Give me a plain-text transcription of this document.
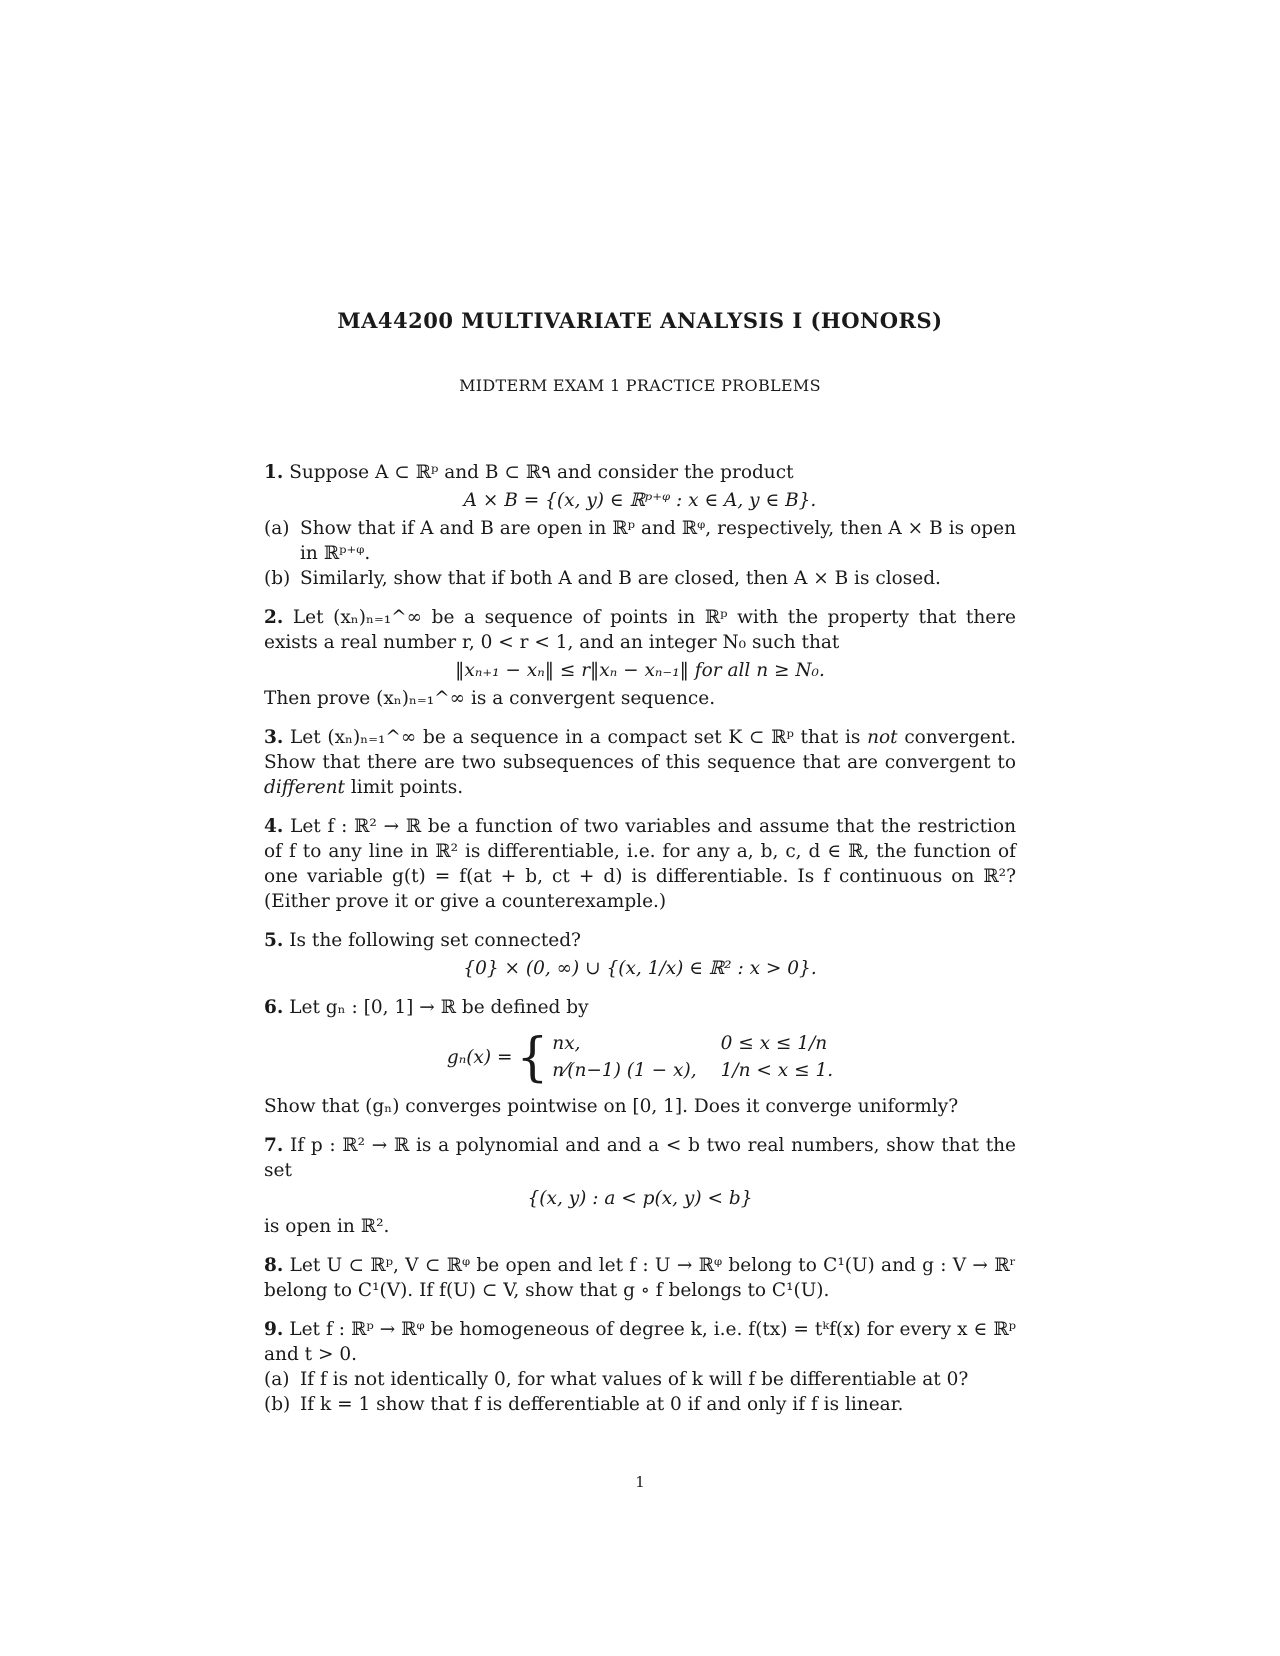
MA44200 MULTIVARIATE ANALYSIS I (HONORS)
MIDTERM EXAM 1 PRACTICE PROBLEMS
1. Suppose A ⊂ ℝᵖ and B ⊂ ℝ۹ and consider the product
A × B = {(x, y) ∈ ℝᵖ⁺ᵠ : x ∈ A, y ∈ B}.
(a) Show that if A and B are open in ℝᵖ and ℝᵠ, respectively, then A × B is open in ℝᵖ⁺ᵠ.
(b) Similarly, show that if both A and B are closed, then A × B is closed.
2. Let (xₙ)ₙ₌₁^∞ be a sequence of points in ℝᵖ with the property that there exists a real number r, 0 < r < 1, and an integer N₀ such that
‖xₙ₊₁ − xₙ‖ ≤ r‖xₙ − xₙ₋₁‖ for all n ≥ N₀.
Then prove (xₙ)ₙ₌₁^∞ is a convergent sequence.
3. Let (xₙ)ₙ₌₁^∞ be a sequence in a compact set K ⊂ ℝᵖ that is not convergent. Show that there are two subsequences of this sequence that are convergent to different limit points.
4. Let f : ℝ² → ℝ be a function of two variables and assume that the restriction of f to any line in ℝ² is differentiable, i.e. for any a, b, c, d ∈ ℝ, the function of one variable g(t) = f(at + b, ct + d) is differentiable. Is f continuous on ℝ²? (Either prove it or give a counterexample.)
5. Is the following set connected?
{0} × (0, ∞) ∪ {(x, 1/x) ∈ ℝ² : x > 0}.
6. Let gₙ : [0, 1] → ℝ be defined by
gₙ(x) = { nx,	0 ≤ x ≤ 1/n
n⁄(n−1) (1 − x), 1/n < x ≤ 1.
Show that (gₙ) converges pointwise on [0, 1]. Does it converge uniformly?
7. If p : ℝ² → ℝ is a polynomial and and a < b two real numbers, show that the set
{(x, y) : a < p(x, y) < b}
is open in ℝ².
8. Let U ⊂ ℝᵖ, V ⊂ ℝᵠ be open and let f : U → ℝᵠ belong to C¹(U) and g : V → ℝʳ belong to C¹(V). If f(U) ⊂ V, show that g ∘ f belongs to C¹(U).
9. Let f : ℝᵖ → ℝᵠ be homogeneous of degree k, i.e. f(tx) = tᵏf(x) for every x ∈ ℝᵖ and t > 0.
(a) If f is not identically 0, for what values of k will f be differentiable at 0?
(b) If k = 1 show that f is defferentiable at 0 if and only if f is linear.
1
